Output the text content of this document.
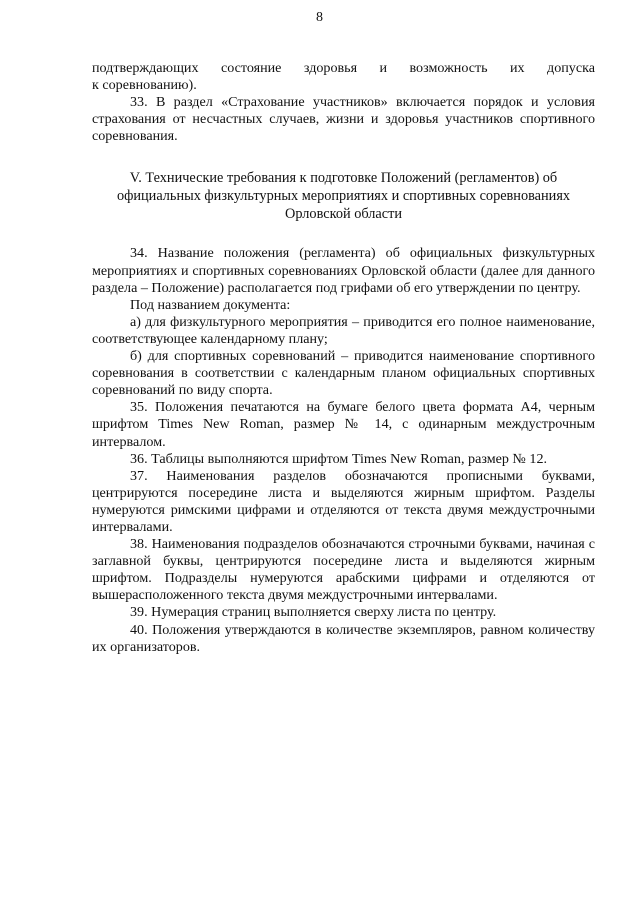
8

подтверждающих состояние здоровья и возможность их допуска

к соревнованию).

33. В раздел «Страхование участников» включается порядок и условия страхования от несчастных случаев, жизни и здоровья участников спортивного соревнования.

V. Технические требования к подготовке Положений (регламентов) об официальных физкультурных мероприятиях и спортивных соревнованиях Орловской области

34. Название положения (регламента) об официальных физкультурных мероприятиях и спортивных соревнованиях Орловской области (далее для данного раздела – Положение) располагается под грифами об его утверждении по центру.

Под названием документа:

а) для физкультурного мероприятия – приводится его полное наименование, соответствующее календарному плану;

б) для спортивных соревнований – приводится наименование спортивного соревнования в соответствии с календарным планом официальных спортивных соревнований по виду спорта.

35. Положения печатаются на бумаге белого цвета формата А4, черным шрифтом Times New Roman, размер № 14, с одинарным междустрочным интервалом.

36. Таблицы выполняются шрифтом Times New Roman, размер № 12.

37. Наименования разделов обозначаются прописными буквами, центрируются посередине листа и выделяются жирным шрифтом. Разделы нумеруются римскими цифрами и отделяются от текста двумя междустрочными интервалами.

38. Наименования подразделов обозначаются строчными буквами, начиная с заглавной буквы, центрируются посередине листа и выделяются жирным шрифтом. Подразделы нумеруются арабскими цифрами и отделяются от вышерасположенного текста двумя междустрочными интервалами.

39. Нумерация страниц выполняется сверху листа по центру.

40. Положения утверждаются в количестве экземпляров, равном количеству их организаторов.
